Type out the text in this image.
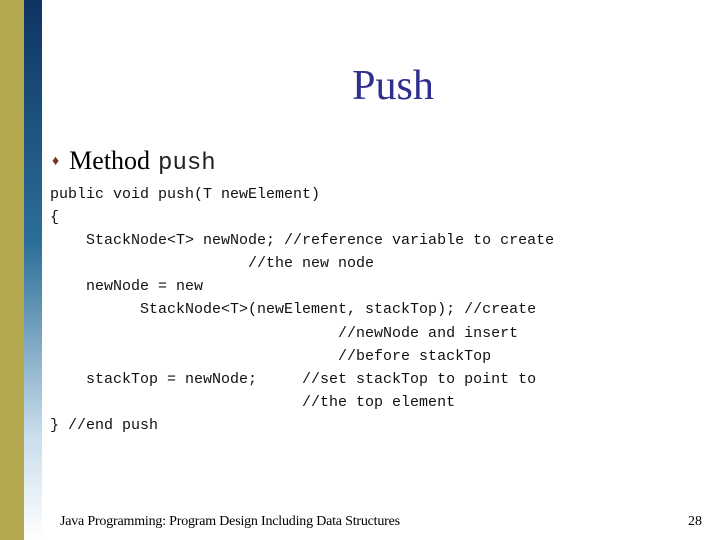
Push
♦ Method push
public void push(T newElement)
{
StackNode<T> newNode; //reference variable to create
//the new node
newNode = new
StackNode<T>(newElement, stackTop); //create
//newNode and insert
//before stackTop
stackTop = newNode;     //set stackTop to point to
//the top element
} //end push
Java Programming: Program Design Including Data Structures	28
